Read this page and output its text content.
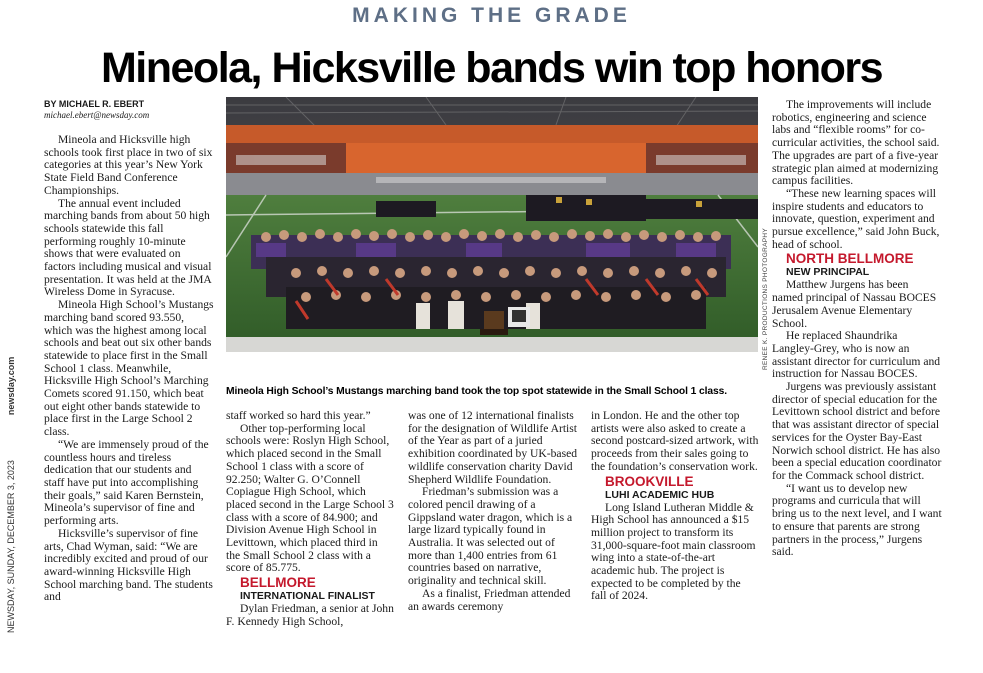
MAKING THE GRADE
Mineola, Hicksville bands win top honors
NEWSDAY, SUNDAY, DECEMBER 3, 2023                  newsday.com

BY MICHAEL R. EBERT

michael.ebert@newsday.com

Mineola and Hicksville high schools took first place in two of six categories at this year’s New York State Field Band Conference Championships.

The annual event included marching bands from about 50 high schools statewide this fall performing roughly 10-minute shows that were evaluated on factors including musical and visual presentation. It was held at the JMA Wireless Dome in Syracuse.

Mineola High School’s Mustangs marching band scored 93.550, which was the highest among local schools and beat out six other bands statewide to place first in the Small School 1 class. Meanwhile, Hicksville High School’s Marching Comets scored 91.150, which beat out eight other bands statewide to place first in the Large School 2 class.

“We are immensely proud of the countless hours and tireless dedication that our students and staff have put into accomplishing their goals,” said Karen Bernstein, Mineola’s supervisor of fine and performing arts.

Hicksville’s supervisor of fine arts, Chad Wyman, said: “We are incredibly excited and proud of our award-winning Hicksville High School marching band. The students and

RENEE K. PRODUCTIONS PHOTOGRAPHY
Mineola High School’s Mustangs marching band took the top spot statewide in the Small School 1 class.

staff worked so hard this year.”

Other top-performing local schools were: Roslyn High School, which placed second in the Small School 1 class with a score of 92.250; Walter G. O’Connell Copiague High School, which placed second in the Large School 3 class with a score of 84.900; and Division Avenue High School in Levittown, which placed third in the Small School 2 class with a score of 85.775.

BELLMORE

INTERNATIONAL FINALIST

Dylan Friedman, a senior at John F. Kennedy High School,

was one of 12 international finalists for the designation of Wildlife Artist of the Year as part of a juried exhibition coordinated by UK-based wildlife conservation charity David Shepherd Wildlife Foundation.

Friedman’s submission was a colored pencil drawing of a Gippsland water dragon, which is a large lizard typically found in Australia. It was selected out of more than 1,400 entries from 61 countries based on narrative, originality and technical skill.

As a finalist, Friedman attended an awards ceremony

in London. He and the other top artists were also asked to create a second postcard-sized artwork, with proceeds from their sales going to the foundation’s conservation work.

BROOKVILLE

LUHI ACADEMIC HUB

Long Island Lutheran Middle & High School has announced a $15 million project to transform its 31,000-square-foot main classroom wing into a state-of-the-art academic hub. The project is expected to be completed by the fall of 2024.

The improvements will include robotics, engineering and science labs and “flexible rooms” for co-curricular activities, the school said. The upgrades are part of a five-year strategic plan aimed at modernizing campus facilities.

“These new learning spaces will inspire students and educators to innovate, question, experiment and pursue excellence,” said John Buck, head of school.

NORTH BELLMORE

NEW PRINCIPAL

Matthew Jurgens has been named principal of Nassau BOCES Jerusalem Avenue Elementary School.

He replaced Shaundrika Langley-Grey, who is now an assistant director for curriculum and instruction for Nassau BOCES.

Jurgens was previously assistant director of special education for the Levittown school district and before that was assistant director of special services for the Oyster Bay-East Norwich school district. He has also been a special education coordinator for the Commack school district.

“I want us to develop new programs and curricula that will bring us to the next level, and I want to ensure that parents are strong partners in the process,” Jurgens said.
